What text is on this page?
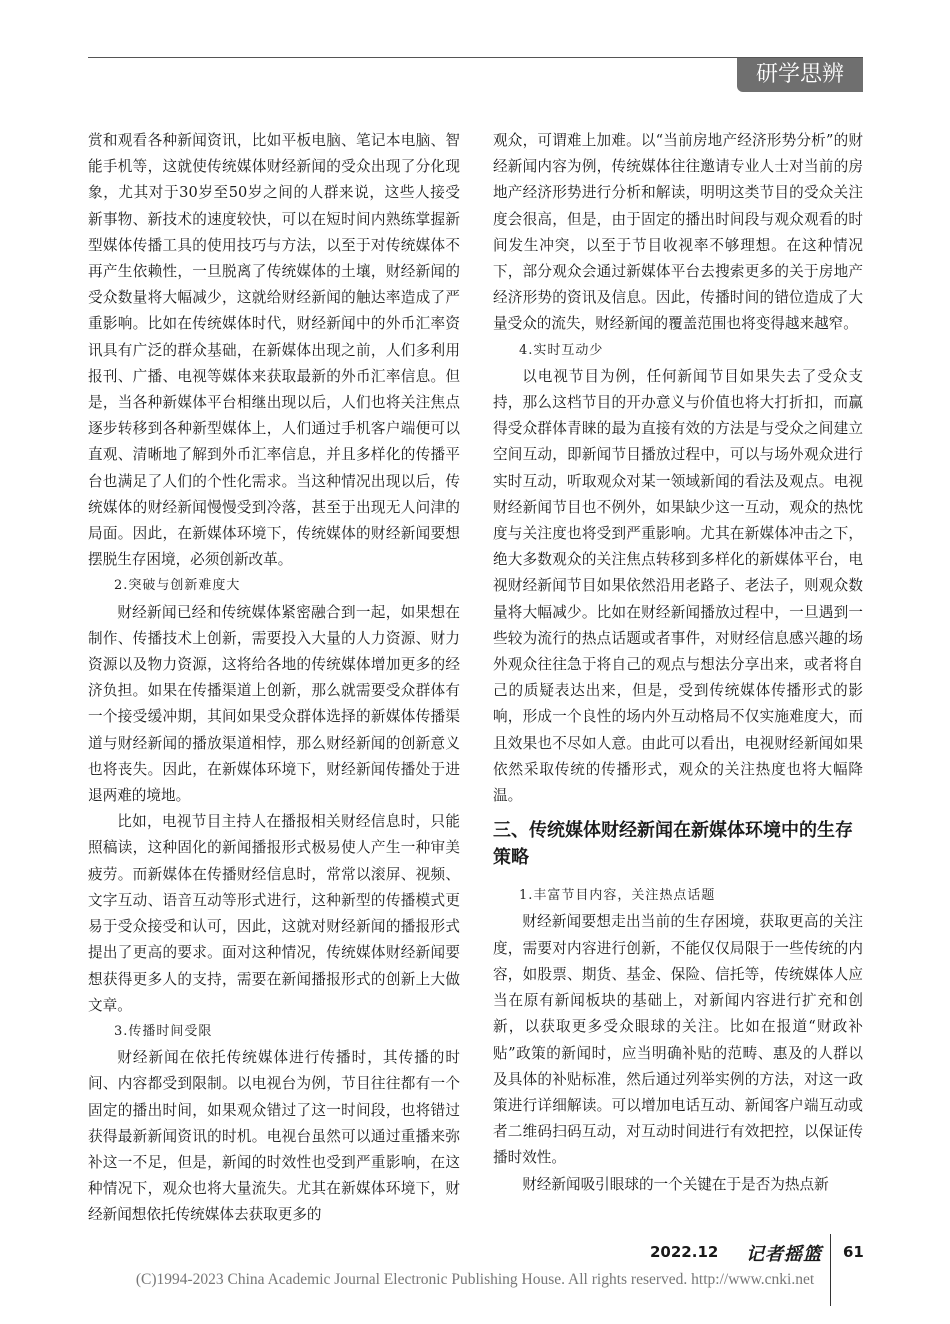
研学思辨

赏和观看各种新闻资讯，比如平板电脑、笔记本电脑、智能手机等，这就使传统媒体财经新闻的受众出现了分化现象，尤其对于30岁至50岁之间的人群来说，这些人接受新事物、新技术的速度较快，可以在短时间内熟练掌握新型媒体传播工具的使用技巧与方法，以至于对传统媒体不再产生依赖性，一旦脱离了传统媒体的土壤，财经新闻的受众数量将大幅减少，这就给财经新闻的触达率造成了严重影响。比如在传统媒体时代，财经新闻中的外币汇率资讯具有广泛的群众基础，在新媒体出现之前，人们多利用报刊、广播、电视等媒体来获取最新的外币汇率信息。但是，当各种新媒体平台相继出现以后，人们也将关注焦点逐步转移到各种新型媒体上，人们通过手机客户端便可以直观、清晰地了解到外币汇率信息，并且多样化的传播平台也满足了人们的个性化需求。当这种情况出现以后，传统媒体的财经新闻慢慢受到冷落，甚至于出现无人问津的局面。因此，在新媒体环境下，传统媒体的财经新闻要想摆脱生存困境，必须创新改革。

2.突破与创新难度大

财经新闻已经和传统媒体紧密融合到一起，如果想在制作、传播技术上创新，需要投入大量的人力资源、财力资源以及物力资源，这将给各地的传统媒体增加更多的经济负担。如果在传播渠道上创新，那么就需要受众群体有一个接受缓冲期，其间如果受众群体选择的新媒体传播渠道与财经新闻的播放渠道相悖，那么财经新闻的创新意义也将丧失。因此，在新媒体环境下，财经新闻传播处于进退两难的境地。

比如，电视节目主持人在播报相关财经信息时，只能照稿读，这种固化的新闻播报形式极易使人产生一种审美疲劳。而新媒体在传播财经信息时，常常以滚屏、视频、文字互动、语音互动等形式进行，这种新型的传播模式更易于受众接受和认可，因此，这就对财经新闻的播报形式提出了更高的要求。面对这种情况，传统媒体财经新闻要想获得更多人的支持，需要在新闻播报形式的创新上大做文章。

3.传播时间受限

财经新闻在依托传统媒体进行传播时，其传播的时间、内容都受到限制。以电视台为例，节目往往都有一个固定的播出时间，如果观众错过了这一时间段，也将错过获得最新新闻资讯的时机。电视台虽然可以通过重播来弥补这一不足，但是，新闻的时效性也受到严重影响，在这种情况下，观众也将大量流失。尤其在新媒体环境下，财经新闻想依托传统媒体去获取更多的

观众，可谓难上加难。以“当前房地产经济形势分析”的财经新闻内容为例，传统媒体往往邀请专业人士对当前的房地产经济形势进行分析和解读，明明这类节目的受众关注度会很高，但是，由于固定的播出时间段与观众观看的时间发生冲突，以至于节目收视率不够理想。在这种情况下，部分观众会通过新媒体平台去搜索更多的关于房地产经济形势的资讯及信息。因此，传播时间的错位造成了大量受众的流失，财经新闻的覆盖范围也将变得越来越窄。

4.实时互动少

以电视节目为例，任何新闻节目如果失去了受众支持，那么这档节目的开办意义与价值也将大打折扣，而赢得受众群体青睐的最为直接有效的方法是与受众之间建立空间互动，即新闻节目播放过程中，可以与场外观众进行实时互动，听取观众对某一领域新闻的看法及观点。电视财经新闻节目也不例外，如果缺少这一互动，观众的热忱度与关注度也将受到严重影响。尤其在新媒体冲击之下，绝大多数观众的关注焦点转移到多样化的新媒体平台，电视财经新闻节目如果依然沿用老路子、老法子，则观众数量将大幅减少。比如在财经新闻播放过程中，一旦遇到一些较为流行的热点话题或者事件，对财经信息感兴趣的场外观众往往急于将自己的观点与想法分享出来，或者将自己的质疑表达出来，但是，受到传统媒体传播形式的影响，形成一个良性的场内外互动格局不仅实施难度大，而且效果也不尽如人意。由此可以看出，电视财经新闻如果依然采取传统的传播形式，观众的关注热度也将大幅降温。

三、传统媒体财经新闻在新媒体环境中的生存策略
1.丰富节目内容，关注热点话题

财经新闻要想走出当前的生存困境，获取更高的关注度，需要对内容进行创新，不能仅仅局限于一些传统的内容，如股票、期货、基金、保险、信托等，传统媒体人应当在原有新闻板块的基础上，对新闻内容进行扩充和创新，以获取更多受众眼球的关注。比如在报道“财政补贴”政策的新闻时，应当明确补贴的范畴、惠及的人群以及具体的补贴标准，然后通过列举实例的方法，对这一政策进行详细解读。可以增加电话互动、新闻客户端互动或者二维码扫码互动，对互动时间进行有效把控，以保证传播时效性。

财经新闻吸引眼球的一个关键在于是否为热点新

2022.12 记者摇篮 61
(C)1994-2023 China Academic Journal Electronic Publishing House. All rights reserved. http://www.cnki.net
